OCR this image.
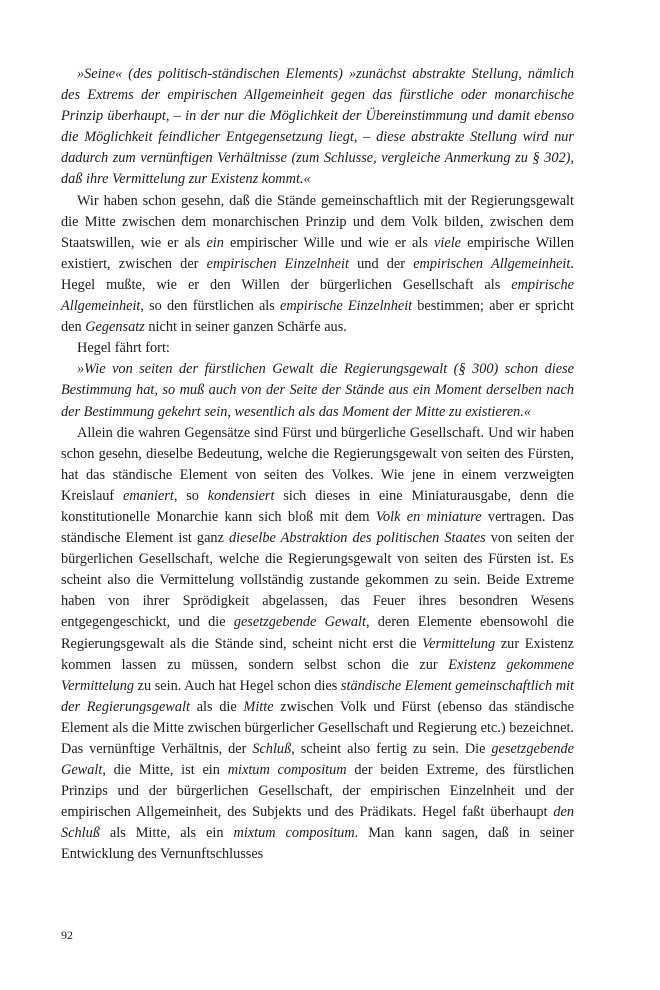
»Seine« (des politisch-ständischen Elements) »zunächst abstrakte Stellung, nämlich des Extrems der empirischen Allgemeinheit gegen das fürstliche oder monarchische Prinzip überhaupt, – in der nur die Möglichkeit der Übereinstimmung und damit ebenso die Möglichkeit feindlicher Entgegensetzung liegt, – diese abstrakte Stellung wird nur dadurch zum vernünftigen Verhältnisse (zum Schlusse, vergleiche Anmerkung zu § 302), daß ihre Vermittelung zur Existenz kommt.«

Wir haben schon gesehn, daß die Stände gemeinschaftlich mit der Regierungsgewalt die Mitte zwischen dem monarchischen Prinzip und dem Volk bilden, zwischen dem Staatswillen, wie er als ein empirischer Wille und wie er als viele empirische Willen existiert, zwischen der empirischen Einzelnheit und der empirischen Allgemeinheit. Hegel mußte, wie er den Willen der bürgerlichen Gesellschaft als empirische Allgemeinheit, so den fürstlichen als empirische Einzelnheit bestimmen; aber er spricht den Gegensatz nicht in seiner ganzen Schärfe aus.

Hegel fährt fort:

»Wie von seiten der fürstlichen Gewalt die Regierungsgewalt (§ 300) schon diese Bestimmung hat, so muß auch von der Seite der Stände aus ein Moment derselben nach der Bestimmung gekehrt sein, wesentlich als das Moment der Mitte zu existieren.«

Allein die wahren Gegensätze sind Fürst und bürgerliche Gesellschaft. Und wir haben schon gesehn, dieselbe Bedeutung, welche die Regierungsgewalt von seiten des Fürsten, hat das ständische Element von seiten des Volkes. Wie jene in einem verzweigten Kreislauf emaniert, so kondensiert sich dieses in eine Miniaturausgabe, denn die konstitutionelle Monarchie kann sich bloß mit dem Volk en miniature vertragen. Das ständische Element ist ganz dieselbe Abstraktion des politischen Staates von seiten der bürgerlichen Gesellschaft, welche die Regierungsgewalt von seiten des Fürsten ist. Es scheint also die Vermittelung vollständig zustande gekommen zu sein. Beide Extreme haben von ihrer Sprödigkeit abgelassen, das Feuer ihres besondren Wesens entgegengeschickt, und die gesetzgebende Gewalt, deren Elemente ebensowohl die Regierungsgewalt als die Stände sind, scheint nicht erst die Vermittelung zur Existenz kommen lassen zu müssen, sondern selbst schon die zur Existenz gekommene Vermittelung zu sein. Auch hat Hegel schon dies ständische Element gemeinschaftlich mit der Regierungsgewalt als die Mitte zwischen Volk und Fürst (ebenso das ständische Element als die Mitte zwischen bürgerlicher Gesellschaft und Regierung etc.) bezeichnet. Das vernünftige Verhältnis, der Schluß, scheint also fertig zu sein. Die gesetzgebende Gewalt, die Mitte, ist ein mixtum compositum der beiden Extreme, des fürstlichen Prinzips und der bürgerlichen Gesellschaft, der empirischen Einzelnheit und der empirischen Allgemeinheit, des Subjekts und des Prädikats. Hegel faßt überhaupt den Schluß als Mitte, als ein mixtum compositum. Man kann sagen, daß in seiner Entwicklung des Vernunftschlusses

92
